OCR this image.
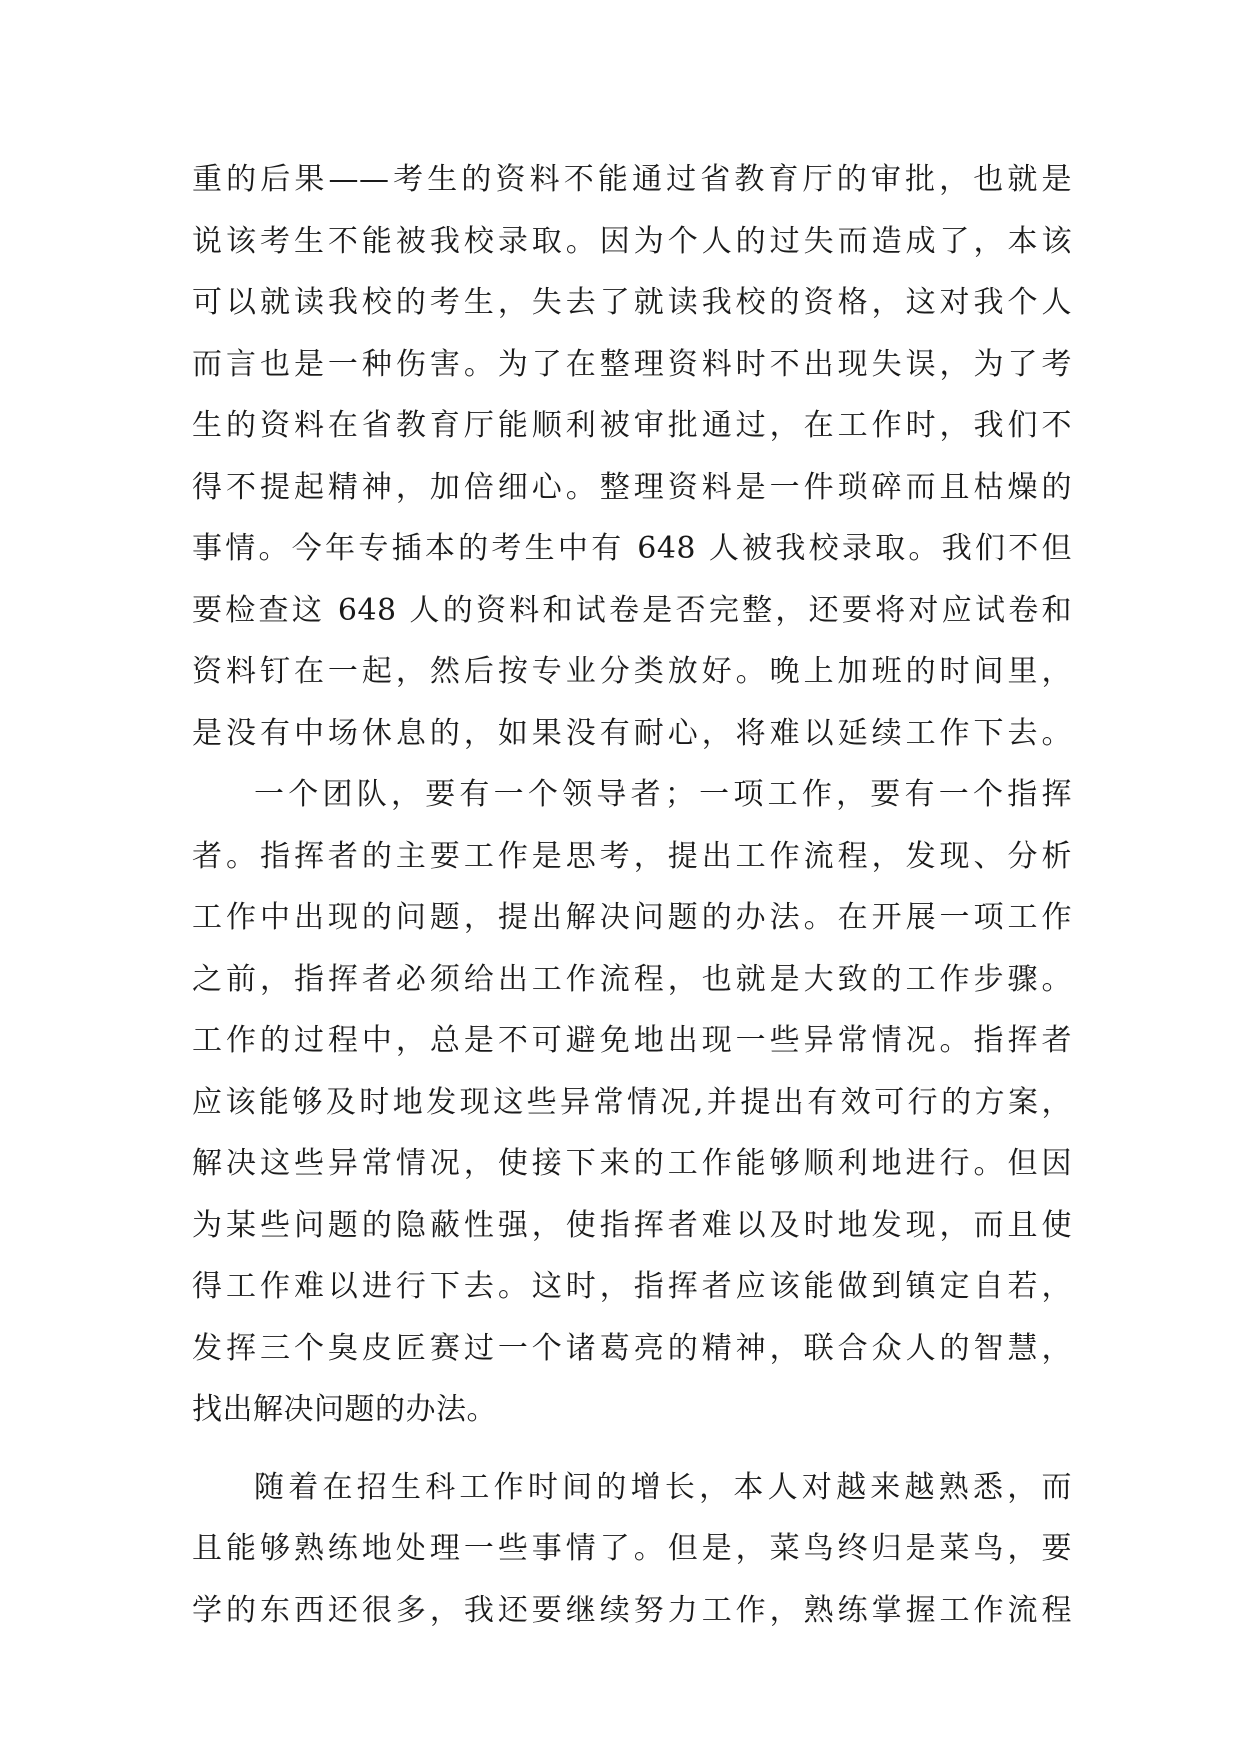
重的后果——考生的资料不能通过省教育厅的审批，也就是
说该考生不能被我校录取。因为个人的过失而造成了，本该
可以就读我校的考生，失去了就读我校的资格，这对我个人
而言也是一种伤害。为了在整理资料时不出现失误，为了考
生的资料在省教育厅能顺利被审批通过，在工作时，我们不
得不提起精神，加倍细心。整理资料是一件琐碎而且枯燥的
事情。今年专插本的考生中有 648 人被我校录取。我们不但
要检查这 648 人的资料和试卷是否完整，还要将对应试卷和
资料钉在一起，然后按专业分类放好。晚上加班的时间里，
是没有中场休息的，如果没有耐心，将难以延续工作下去。
一个团队，要有一个领导者；一项工作，要有一个指挥
者。指挥者的主要工作是思考，提出工作流程，发现、分析
工作中出现的问题，提出解决问题的办法。在开展一项工作
之前，指挥者必须给出工作流程，也就是大致的工作步骤。
工作的过程中，总是不可避免地出现一些异常情况。指挥者
应该能够及时地发现这些异常情况,并提出有效可行的方案，
解决这些异常情况，使接下来的工作能够顺利地进行。但因
为某些问题的隐蔽性强，使指挥者难以及时地发现，而且使
得工作难以进行下去。这时，指挥者应该能做到镇定自若，
发挥三个臭皮匠赛过一个诸葛亮的精神，联合众人的智慧，
找出解决问题的办法。
随着在招生科工作时间的增长，本人对越来越熟悉，而
且能够熟练地处理一些事情了。但是，菜鸟终归是菜鸟，要
学的东西还很多，我还要继续努力工作，熟练掌握工作流程
